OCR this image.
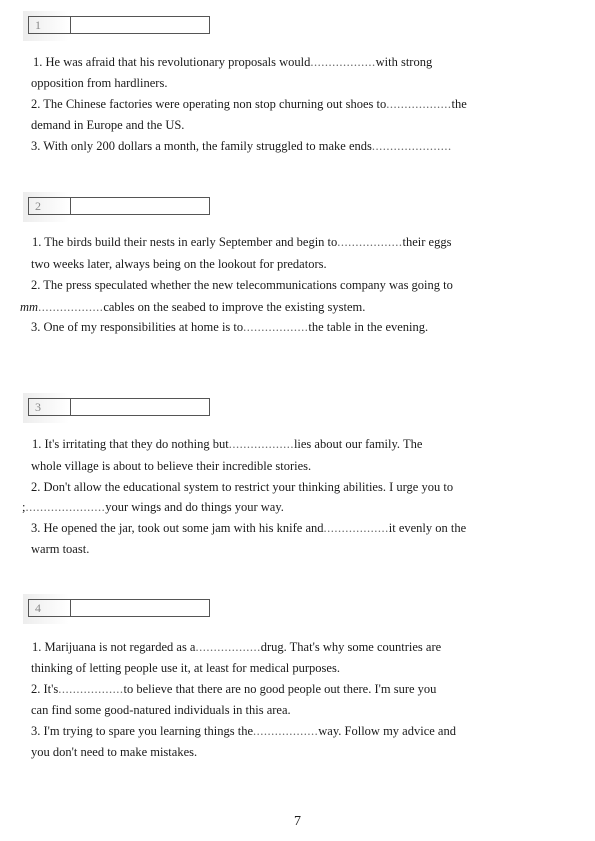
1
1. He was afraid that his revolutionary proposals would..................with strong
opposition from hardliners.
2. The Chinese factories were operating non stop churning out shoes to..................the
demand in Europe and the US.
3. With only 200 dollars a month, the family struggled to make ends......................
2
1. The birds build their nests in early September and begin to..................their eggs
two weeks later, always being on the lookout for predators.
2. The press speculated whether the new telecommunications company was going to
mm..................cables on the seabed to improve the existing system.
3. One of my responsibilities at home is to..................the table in the evening.
3
1. It's irritating that they do nothing but..................lies about our family. The
whole village is about to believe their incredible stories.
2. Don't allow the educational system to restrict your thinking abilities. I urge you to
;......................your wings and do things your way.
3. He opened the jar, took out some jam with his knife and..................it evenly on the
warm toast.
4
1. Marijuana is not regarded as a..................drug. That's why some countries are
thinking of letting people use it, at least for medical purposes.
2. It's..................to believe that there are no good people out there. I'm sure you
can find some good-natured individuals in this area.
3. I'm trying to spare you learning things the..................way. Follow my advice and
you don't need to make mistakes.
7
